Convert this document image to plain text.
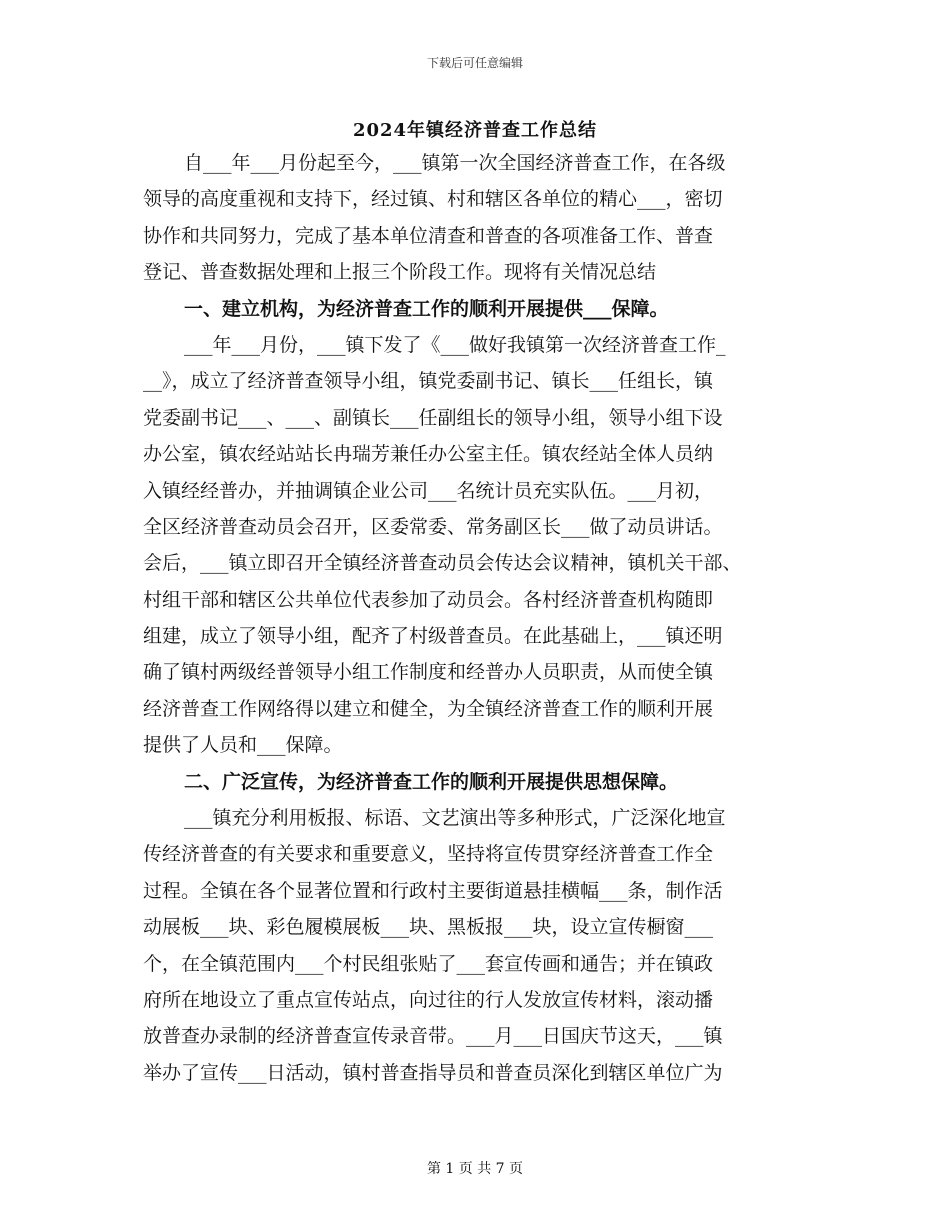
下载后可任意编辑
2024年镇经济普查工作总结
自___年___月份起至今，___镇第一次全国经济普查工作，在各级
领导的高度重视和支持下，经过镇、村和辖区各单位的精心___，密切
协作和共同努力，完成了基本单位清查和普查的各项准备工作、普查
登记、普查数据处理和上报三个阶段工作。现将有关情况总结
一、建立机构，为经济普查工作的顺利开展提供___保障。
___年___月份，___镇下发了《___做好我镇第一次经济普查工作_
__》，成立了经济普查领导小组，镇党委副书记、镇长___任组长，镇
党委副书记___、___、副镇长___任副组长的领导小组，领导小组下设
办公室，镇农经站站长冉瑞芳兼任办公室主任。镇农经站全体人员纳
入镇经经普办，并抽调镇企业公司___名统计员充实队伍。___月初，
全区经济普查动员会召开，区委常委、常务副区长___做了动员讲话。
会后，___镇立即召开全镇经济普查动员会传达会议精神，镇机关干部、
村组干部和辖区公共单位代表参加了动员会。各村经济普查机构随即
组建，成立了领导小组，配齐了村级普查员。在此基础上，___镇还明
确了镇村两级经普领导小组工作制度和经普办人员职责，从而使全镇
经济普查工作网络得以建立和健全，为全镇经济普查工作的顺利开展
提供了人员和___保障。
二、广泛宣传，为经济普查工作的顺利开展提供思想保障。
___镇充分利用板报、标语、文艺演出等多种形式，广泛深化地宣
传经济普查的有关要求和重要意义，坚持将宣传贯穿经济普查工作全
过程。全镇在各个显著位置和行政村主要街道悬挂横幅___条，制作活
动展板___块、彩色履模展板___块、黑板报___块，设立宣传橱窗___
个，在全镇范围内___个村民组张贴了___套宣传画和通告；并在镇政
府所在地设立了重点宣传站点，向过往的行人发放宣传材料，滚动播
放普查办录制的经济普查宣传录音带。___月___日国庆节这天，___镇
举办了宣传___日活动，镇村普查指导员和普查员深化到辖区单位广为
第 1 页 共 7 页
